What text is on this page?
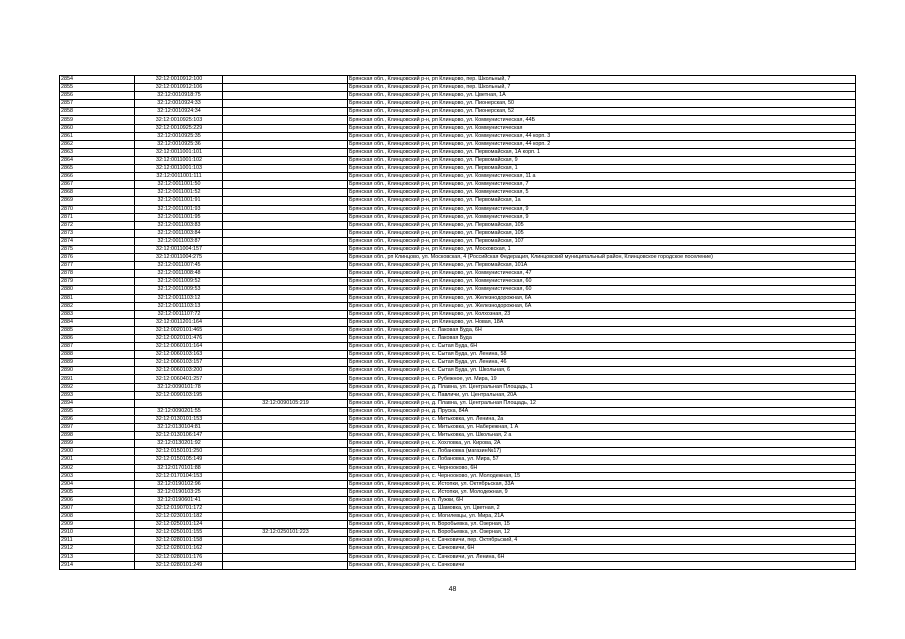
2854	32:12:0010912:100		Брянская обл., Клинцовский р-н, рп Клинцово, пер. Школьный, 7
2855	32:12:0010912:106		Брянская обл., Клинцовский р-н, рп Клинцово, пер. Школьный, 7
2856	32:12:0010918:75		Брянская обл., Клинцовский р-н, рп Клинцово, ул. Цветная, 1А
2857	32:12:0010924:33		Брянская обл., Клинцовский р-н, рп Клинцово, ул. Пионерская, 50
2858	32:12:0010924:34		Брянская обл., Клинцовский р-н, рп Клинцово, ул. Пионерская, 52
2859	32:12:0010925:103		Брянская обл., Клинцовский р-н, рп Клинцово, ул. Коммунистическая, 44Б
2860	32:12:0010925:229		Брянская обл., Клинцовский р-н, рп Клинцово, ул. Коммунистическая
2861	32:12:0010925:35		Брянская обл., Клинцовский р-н, рп Клинцово, ул. Коммунистическая, 44 корп. 3
2862	32:12:0010925:36		Брянская обл., Клинцовский р-н, рп Клинцово, ул. Коммунистическая, 44 корп. 2
2863	32:12:0011001:101		Брянская обл., Клинцовский р-н, рп Клинцово, ул. Первомайская, 1А корп. 1
2864	32:12:0011001:102		Брянская обл., Клинцовский р-н, рп Клинцово, ул. Первомайская, 9
2865	32:12:0011001:103		Брянская обл., Клинцовский р-н, рп Клинцово, ул. Первомайская, 1
2866	32:12:0011001:111		Брянская обл., Клинцовский р-н, рп Клинцово, ул. Коммунистическая, 11 а
2867	32:12:0011001:50		Брянская обл., Клинцовский р-н, рп Клинцово, ул. Коммунистическая, 7
2868	32:12:0011001:52		Брянская обл., Клинцовский р-н, рп Клинцово, ул. Коммунистическая, 5
2869	32:12:0011001:91		Брянская обл., Клинцовский р-н, рп Клинцово, ул. Первомайская, 1а
2870	32:12:0011001:93		Брянская обл., Клинцовский р-н, рп Клинцово, ул. Коммунистическая, 9
2871	32:12:0011001:95		Брянская обл., Клинцовский р-н, рп Клинцово, ул. Коммунистическая, 9
2872	32:12:0011003:83		Брянская обл., Клинцовский р-н, рп Клинцово, ул. Первомайская, 105
2873	32:12:0011003:84		Брянская обл., Клинцовский р-н, рп Клинцово, ул. Первомайская, 105
2874	32:12:0011003:87		Брянская обл., Клинцовский р-н, рп Клинцово, ул. Первомайская, 107
2875	32:12:0011004:157		Брянская обл., Клинцовский р-н, рп Клинцово, ул. Московская, 1
2876	32:12:0011004:275		Брянская обл., рп Клинцово, ул. Московская, 4 (Российская Федерация, Клинцовский муниципальный район, Клинцовское городское поселение)
2877	32:12:0011007:45		Брянская обл., Клинцовский р-н, рп Клинцово, ул. Первомайская, 101А
2878	32:12:0011008:48		Брянская обл., Клинцовский р-н, рп Клинцово, ул. Коммунистическая, 47
2879	32:12:0011009:52		Брянская обл., Клинцовский р-н, рп Клинцово, ул. Коммунистическая, 60
2880	32:12:0011009:53		Брянская обл., Клинцовский р-н, рп Клинцово, ул. Коммунистическая, 60
2881	32:12:0011103:12		Брянская обл., Клинцовский р-н, рп Клинцово, ул. Железнодорожная, 6А
2882	32:12:0011103:13		Брянская обл., Клинцовский р-н, рп Клинцово, ул. Железнодорожная, 6А
2883	32:12:0011107:72		Брянская обл., Клинцовский р-н, рп Клинцово, ул. Колхозная, 23
2884	32:12:0011201:164		Брянская обл., Клинцовский р-н, рп Клинцово, ул. Новая, 18А
2885	32:12:0020101:465		Брянская обл., Клинцовский р-н, с. Лаковая Буда, 6Н
2886	32:12:0020101:476		Брянская обл., Клинцовский р-н, с. Лаковая Буда
2887	32:12:0060101:164		Брянская обл., Клинцовский р-н, с. Сытая Буда, 6Н
2888	32:12:0060103:163		Брянская обл., Клинцовский р-н, с. Сытая Буда, ул. Ленина, 58
2889	32:12:0060103:157		Брянская обл., Клинцовский р-н, с. Сытая Буда, ул. Ленина, 46
2890	32:12:0060103:200		Брянская обл., Клинцовский р-н, с. Сытая Буда, ул. Школьная, 6
2891	32:12:0060401:257		Брянская обл., Клинцовский р-н, с. Рубежное, ул. Мира, 19
2892	32:12:0090101:78		Брянская обл., Клинцовский р-н, д. Плавна, ул. Центральная Площадь, 1
2893	32:12:0090103:195		Брянская обл., Клинцовский р-н, с. Павличи, ул. Центральная, 20А
2894		32:12:0090105:219	Брянская обл., Клинцовский р-н, д. Плавна, ул. Центральная Площадь, 12
2895	32:12:0090201:55		Брянская обл., Клинцовский р-н, д. Пруска, 84А
2896	32:12:0130101:153		Брянская обл., Клинцовский р-н, с. Митьковка, ул. Ленина, 2а
2897	32:12:0130104:81		Брянская обл., Клинцовский р-н, с. Митьковка, ул. Набережная, 1 А
2898	32:12:0130106:147		Брянская обл., Клинцовский р-н, с. Митьковка, ул. Школьная, 2 а
2899	32:12:0130201:92		Брянская обл., Клинцовский р-н, с. Хохловка, ул. Кирова, 2А
2900	32:12:0150101:250		Брянская обл., Клинцовский р-н, с. Лобановка (магазин№17)
2901	32:12:0150105:149		Брянская обл., Клинцовский р-н, с. Лобановка, ул. Мира, 57
2902	32:12:0170101:88		Брянская обл., Клинцовский р-н, с. Чернооково, 6Н
2903	32:12:0170104:153		Брянская обл., Клинцовский р-н, с. Чернооково, ул. Молодежная, 15
2904	32:12:0190102:96		Брянская обл., Клинцовский р-н, с. Истопки, ул. Октябрьская, 33А
2905	32:12:0190103:25		Брянская обл., Клинцовский р-н, с. Истопки, ул. Молодежная, 9
2906	32:12:0190601:41		Брянская обл., Клинцовский р-н, п. Лужки, 6Н
2907	32:12:0190701:172		Брянская обл., Клинцовский р-н, д. Шамовка, ул. Цветная, 2
2908	32:12:0230101:182		Брянская обл., Клинцовский р-н, с. Могилевцы, ул. Мира, 21А
2909	32:12:0250101:124		Брянская обл., Клинцовский р-н, п. Воробьевка, ул. Озерная, 15
2910	32:12:0250101:155	32:12:0250101:223	Брянская обл., Клинцовский р-н, п. Воробьевка, ул. Озерная, 12
2911	32:12:0280101:158		Брянская обл., Клинцовский р-н, с. Сачковичи, пер. Октябрьский, 4
2912	32:12:0280101:162		Брянская обл., Клинцовский р-н, с. Сачковичи, 6Н
2913	32:12:0280101:176		Брянская обл., Клинцовский р-н, с. Сачковичи, ул. Ленина, 6Н
2914	32:12:0280101:249		Брянская обл., Клинцовский р-н, с. Сачковичи
48
